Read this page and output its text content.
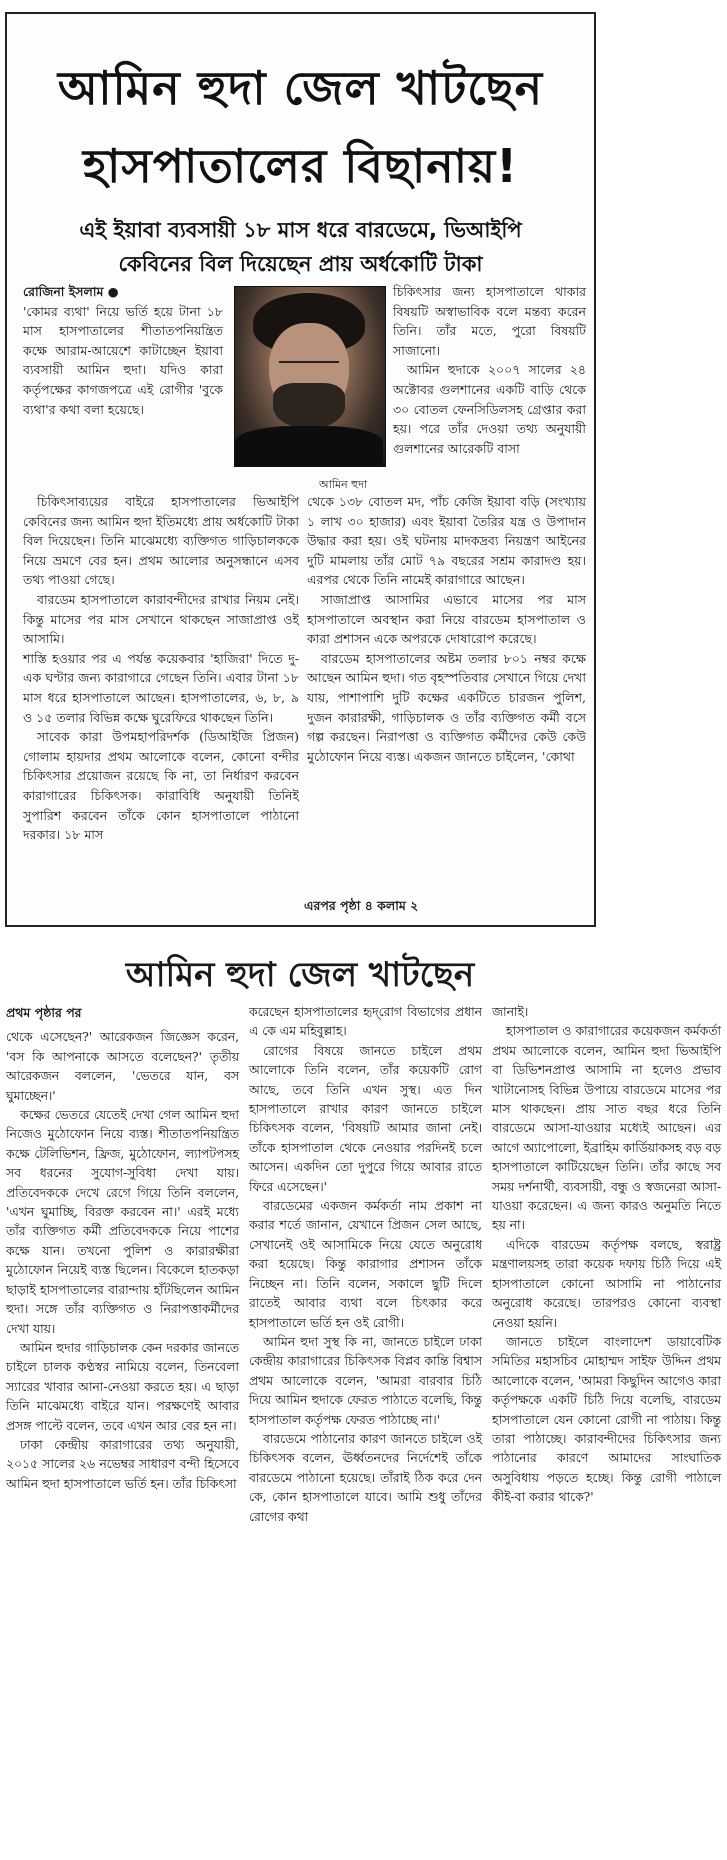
আমিন হুদা জেল খাটছেন
হাসপাতালের বিছানায়!
এই ইয়াবা ব্যবসায়ী ১৮ মাস ধরে বারডেমে, ভিআইপি
কেবিনের বিল দিয়েছেন প্রায় অর্ধকোটি টাকা
রোজিনা ইসলাম ●

'কোমর ব্যথা' নিয়ে ভর্তি হয়ে টানা ১৮ মাস হাসপাতালের শীতাতপনিয়ন্ত্রিত কক্ষে আরাম-আয়েশে কাটাচ্ছেন ইয়াবা ব্যবসায়ী আমিন হুদা। যদিও কারা কর্তৃপক্ষের কাগজপত্রে এই রোগীর 'বুকে ব্যথা'র কথা বলা হয়েছে।

আমিন হুদা

চিকিৎসার জন্য হাসপাতালে থাকার বিষয়টি অস্বাভাবিক বলে মন্তব্য করেন তিনি। তাঁর মতে, পুরো বিষয়টি সাজানো।

আমিন হুদাকে ২০০৭ সালের ২৪ অক্টোবর গুলশানের একটি বাড়ি থেকে ৩০ বোতল ফেনসিডিলসহ গ্রেপ্তার করা হয়। পরে তাঁর দেওয়া তথ্য অনুযায়ী গুলশানের আরেকটি বাসা

চিকিৎসাব্যয়ের বাইরে হাসপাতালের ভিআইপি কেবিনের জন্য আমিন হুদা ইতিমধ্যে প্রায় অর্ধকোটি টাকা বিল দিয়েছেন। তিনি মাঝেমধ্যে ব্যক্তিগত গাড়িচালককে নিয়ে ভ্রমণে বের হন। প্রথম আলোর অনুসন্ধানে এসব তথ্য পাওয়া গেছে।

বারডেম হাসপাতালে কারাবন্দীদের রাখার নিয়ম নেই। কিন্তু মাসের পর মাস সেখানে থাকছেন সাজাপ্রাপ্ত ওই আসামি।

শাস্তি হওয়ার পর এ পর্যন্ত কয়েকবার 'হাজিরা' দিতে দু-এক ঘণ্টার জন্য কারাগারে গেছেন তিনি। এবার টানা ১৮ মাস ধরে হাসপাতালে আছেন। হাসপাতালের, ৬, ৮, ৯ ও ১৫ তলার বিভিন্ন কক্ষে ঘুরেফিরে থাকছেন তিনি।

সাবেক কারা উপমহাপরিদর্শক (ডিআইজি প্রিজন) গোলাম হায়দার প্রথম আলোকে বলেন, কোনো বন্দীর চিকিৎসার প্রয়োজন রয়েছে কি না, তা নির্ধারণ করবেন কারাগারের চিকিৎসক। কারাবিধি অনুযায়ী তিনিই সুপারিশ করবেন তাঁকে কোন হাসপাতালে পাঠানো দরকার। ১৮ মাস

থেকে ১৩৮ বোতল মদ, পাঁচ কেজি ইয়াবা বড়ি (সংখ্যায় ১ লাখ ৩০ হাজার) এবং ইয়াবা তৈরির যন্ত্র ও উপাদান উদ্ধার করা হয়। ওই ঘটনায় মাদকদ্রব্য নিয়ন্ত্রণ আইনের দুটি মামলায় তাঁর মোট ৭৯ বছরের সশ্রম কারাদণ্ড হয়। এরপর থেকে তিনি নামেই কারাগারে আছেন।

সাজাপ্রাপ্ত আসামির এভাবে মাসের পর মাস হাসপাতালে অবস্থান করা নিয়ে বারডেম হাসপাতাল ও কারা প্রশাসন একে অপরকে দোষারোপ করেছে।

বারডেম হাসপাতালের অষ্টম তলার ৮০১ নম্বর কক্ষে আছেন আমিন হুদা। গত বৃহস্পতিবার সেখানে গিয়ে দেখা যায়, পাশাপাশি দুটি কক্ষের একটিতে চারজন পুলিশ, দুজন কারারক্ষী, গাড়িচালক ও তাঁর ব্যক্তিগত কর্মী বসে গল্প করছেন। নিরাপত্তা ও ব্যক্তিগত কর্মীদের কেউ কেউ মুঠোফোন নিয়ে ব্যস্ত। একজন জানতে চাইলেন, 'কোথা

এরপর পৃষ্ঠা ৪ কলাম ২
আমিন হুদা জেল খাটছেন
প্রথম পৃষ্ঠার পর

থেকে এসেছেন?' আরেকজন জিজ্ঞেস করেন, 'বস কি আপনাকে আসতে বলেছেন?' তৃতীয় আরেকজন বললেন, 'ভেতরে যান, বস ঘুমাচ্ছেন।'

কক্ষের ভেতরে যেতেই দেখা গেল আমিন হুদা নিজেও মুঠোফোন নিয়ে ব্যস্ত। শীতাতপনিয়ন্ত্রিত কক্ষে টেলিভিশন, ফ্রিজ, মুঠোফোন, ল্যাপটপসহ সব ধরনের সুযোগ-সুবিধা দেখা যায়। প্রতিবেদককে দেখে রেগে গিয়ে তিনি বললেন, 'এখন ঘুমাচ্ছি, বিরক্ত করবেন না।' এরই মধ্যে তাঁর ব্যক্তিগত কর্মী প্রতিবেদককে নিয়ে পাশের কক্ষে যান। তখনো পুলিশ ও কারারক্ষীরা মুঠোফোন নিয়েই ব্যস্ত ছিলেন। বিকেলে হাতকড়া ছাড়াই হাসপাতালের বারান্দায় হাঁটছিলেন আমিন হুদা। সঙ্গে তাঁর ব্যক্তিগত ও নিরাপত্তাকর্মীদের দেখা যায়।

আমিন হুদার গাড়িচালক কেন দরকার জানতে চাইলে চালক কণ্ঠস্বর নামিয়ে বলেন, তিনবেলা স্যারের খাবার আনা-নেওয়া করতে হয়। এ ছাড়া তিনি মাঝেমধ্যে বাইরে যান। পরক্ষণেই আবার প্রসঙ্গ পাল্টে বলেন, তবে এখন আর বের হন না।

ঢাকা কেন্দ্রীয় কারাগারের তথ্য অনুযায়ী, ২০১৫ সালের ২৬ নভেম্বর সাধারণ বন্দী হিসেবে আমিন হুদা হাসপাতালে ভর্তি হন। তাঁর চিকিৎসা

করেছেন হাসপাতালের হৃদ্‌রোগ বিভাগের প্রধান এ কে এম মহিবুল্লাহ।

রোগের বিষয়ে জানতে চাইলে প্রথম আলোকে তিনি বলেন, তাঁর কয়েকটি রোগ আছে, তবে তিনি এখন সুস্থ। এত দিন হাসপাতালে রাখার কারণ জানতে চাইলে চিকিৎসক বলেন, 'বিষয়টি আমার জানা নেই। তাঁকে হাসপাতাল থেকে নেওয়ার পরদিনই চলে আসেন। একদিন তো দুপুরে গিয়ে আবার রাতে ফিরে এসেছেন।'

বারডেমের একজন কর্মকর্তা নাম প্রকাশ না করার শর্তে জানান, যেখানে প্রিজন সেল আছে, সেখানেই ওই আসামিকে নিয়ে যেতে অনুরোধ করা হয়েছে। কিন্তু কারাগার প্রশাসন তাঁকে নিচ্ছেন না। তিনি বলেন, সকালে ছুটি দিলে রাতেই আবার ব্যথা বলে চিৎকার করে হাসপাতালে ভর্তি হন ওই রোগী।

আমিন হুদা সুস্থ কি না, জানতে চাইলে ঢাকা কেন্দ্রীয় কারাগারের চিকিৎসক বিপ্লব কান্তি বিশ্বাস প্রথম আলোকে বলেন, 'আমরা বারবার চিঠি দিয়ে আমিন হুদাকে ফেরত পাঠাতে বলেছি, কিন্তু হাসপাতাল কর্তৃপক্ষ ফেরত পাঠাচ্ছে না।'

বারডেমে পাঠানোর কারণ জানতে চাইলে ওই চিকিৎসক বলেন, ঊর্ধ্বতনদের নির্দেশেই তাঁকে বারডেমে পাঠানো হয়েছে। তাঁরাই ঠিক করে দেন কে, কোন হাসপাতালে যাবে। আমি শুধু তাঁদের রোগের কথা

জানাই।

হাসপাতাল ও কারাগারের কয়েকজন কর্মকর্তা প্রথম আলোকে বলেন, আমিন হুদা ভিআইপি বা ডিভিশনপ্রাপ্ত আসামি না হলেও প্রভাব খাটানোসহ বিভিন্ন উপায়ে বারডেমে মাসের পর মাস থাকছেন। প্রায় সাত বছর ধরে তিনি বারডেমে আসা-যাওয়ার মধ্যেই আছেন। এর আগে অ্যাপোলো, ইব্রাহিম কার্ডিয়াকসহ বড় বড় হাসপাতালে কাটিয়েছেন তিনি। তাঁর কাছে সব সময় দর্শনার্থী, ব্যবসায়ী, বন্ধু ও স্বজনেরা আসা-যাওয়া করেছেন। এ জন্য কারও অনুমতি নিতে হয় না।

এদিকে বারডেম কর্তৃপক্ষ বলছে, স্বরাষ্ট্র মন্ত্রণালয়সহ তারা কয়েক দফায় চিঠি দিয়ে এই হাসপাতালে কোনো আসামি না পাঠানোর অনুরোধ করেছে। তারপরও কোনো ব্যবস্থা নেওয়া হয়নি।

জানতে চাইলে বাংলাদেশ ডায়াবেটিক সমিতির মহাসচিব মোহাম্মদ সাইফ উদ্দিন প্রথম আলোকে বলেন, 'আমরা কিছুদিন আগেও কারা কর্তৃপক্ষকে একটি চিঠি দিয়ে বলেছি, বারডেম হাসপাতালে যেন কোনো রোগী না পাঠায়। কিন্তু তারা পাঠাচ্ছে। কারাবন্দীদের চিকিৎসার জন্য পাঠানোর কারণে আমাদের সাংঘাতিক অসুবিধায় পড়তে হচ্ছে। কিন্তু রোগী পাঠালে কীই-বা করার থাকে?'
